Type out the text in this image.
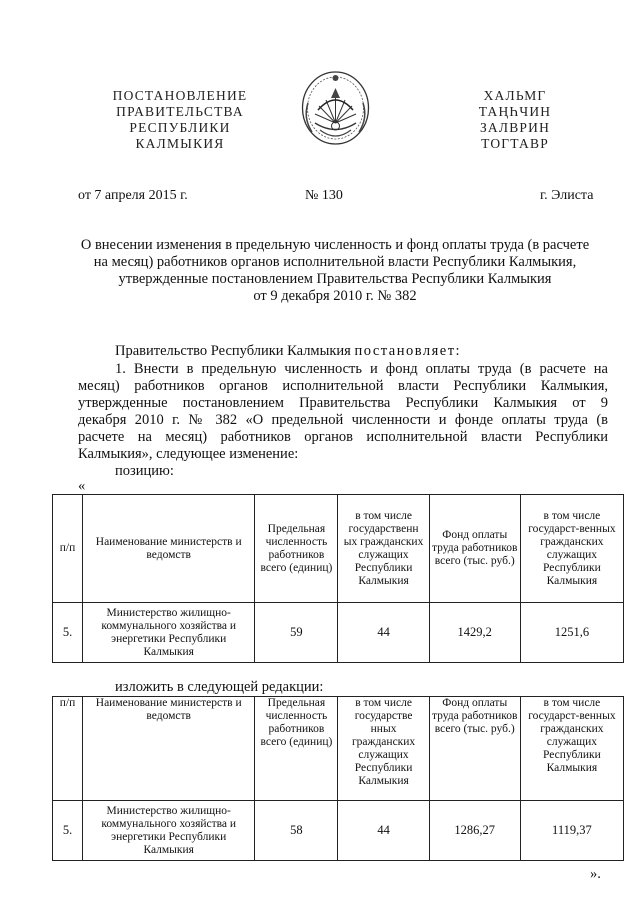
ПОСТАНОВЛЕНИЕ
ПРАВИТЕЛЬСТВА
РЕСПУБЛИКИ
КАЛМЫКИЯ
ХАЛЬМГ
ТАҢҺЧИН
ЗАЛВРИН
ТОГТАВР
от 7 апреля 2015 г.	№ 130	г. Элиста
О внесении изменения в предельную численность и фонд оплаты труда (в расчете
на месяц) работников органов исполнительной власти Республики Калмыкия,
утвержденные постановлением Правительства Республики Калмыкия
от 9 декабря 2010 г. № 382
Правительство Республики Калмыкия постановляет:
1. Внести в предельную численность и фонд оплаты труда (в расчете на
месяц) работников органов исполнительной власти Республики Калмыкия,
утвержденные постановлением Правительства Республики Калмыкия от 9
декабря 2010 г. № 382 «О предельной численности и фонде оплаты труда (в
расчете на месяц) работников органов исполнительной власти Республики
Калмыкия», следующее изменение:
позицию:
«
п/п	Наименование министерств и ведомств	Предельная численность работников всего (единиц)	в том числе государственн ых гражданских служащих Республики Калмыкия	Фонд оплаты труда работников всего (тыс. руб.)	в том числе государст-венных гражданских служащих Республики Калмыкия
5.	Министерство жилищно-коммунального хозяйства и энергетики Республики Калмыкия	59	44	1429,2	1251,6
изложить в следующей редакции:
п/п	Наименование министерств и ведомств	Предельная численность работников всего (единиц)	в том числе государстве нных гражданских служащих Республики Калмыкия	Фонд оплаты труда работников всего (тыс. руб.)	в том числе государст-венных гражданских служащих Республики Калмыкия
5.	Министерство жилищно-коммунального хозяйства и энергетики Республики Калмыкия	58	44	1286,27	1119,37
».
